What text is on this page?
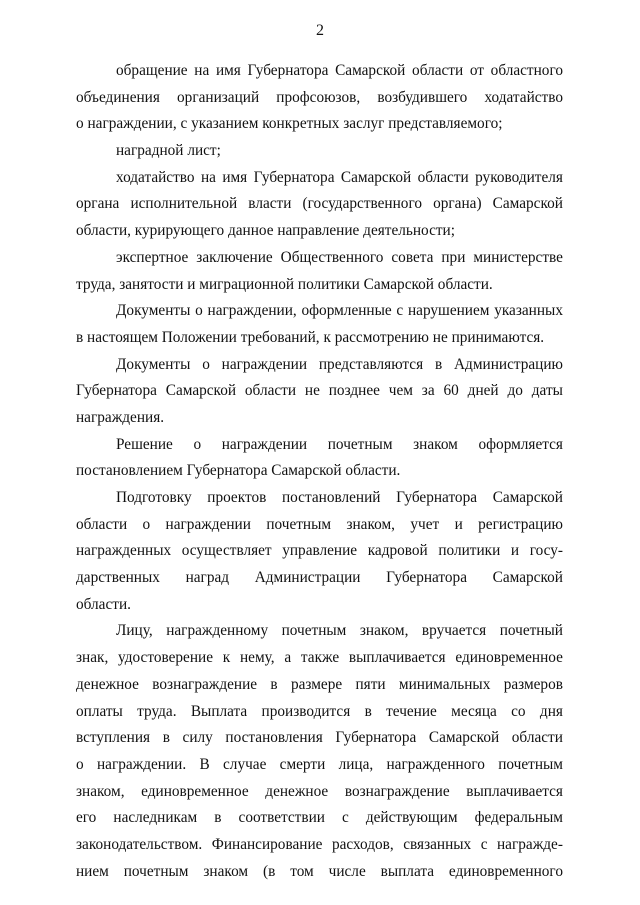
2
обращение на имя Губернатора Самарской области от областного
объединения организаций профсоюзов, возбудившего ходатайство
о награждении, с указанием конкретных заслуг представляемого;
наградной лист;
ходатайство на имя Губернатора Самарской области руководителя
органа исполнительной власти (государственного органа) Самарской
области, курирующего данное направление деятельности;
экспертное заключение Общественного совета при министерстве
труда, занятости и миграционной политики Самарской области.
Документы о награждении, оформленные с нарушением указанных
в настоящем Положении требований, к рассмотрению не принимаются.
Документы о награждении представляются в Администрацию
Губернатора Самарской области не позднее чем за 60 дней до даты
награждения.
Решение о награждении почетным знаком оформляется
постановлением Губернатора Самарской области.
Подготовку проектов постановлений Губернатора Самарской
области о награждении почетным знаком, учет и регистрацию
награжденных осуществляет управление кадровой политики и госу-
дарственных наград Администрации Губернатора Самарской
области.
Лицу, награжденному почетным знаком, вручается почетный
знак, удостоверение к нему, а также выплачивается единовременное
денежное вознаграждение в размере пяти минимальных размеров
оплаты труда. Выплата производится в течение месяца со дня
вступления в силу постановления Губернатора Самарской области
о награждении. В случае смерти лица, награжденного почетным
знаком, единовременное денежное вознаграждение выплачивается
его наследникам в соответствии с действующим федеральным
законодательством. Финансирование расходов, связанных с награжде-
нием почетным знаком (в том числе выплата единовременного
